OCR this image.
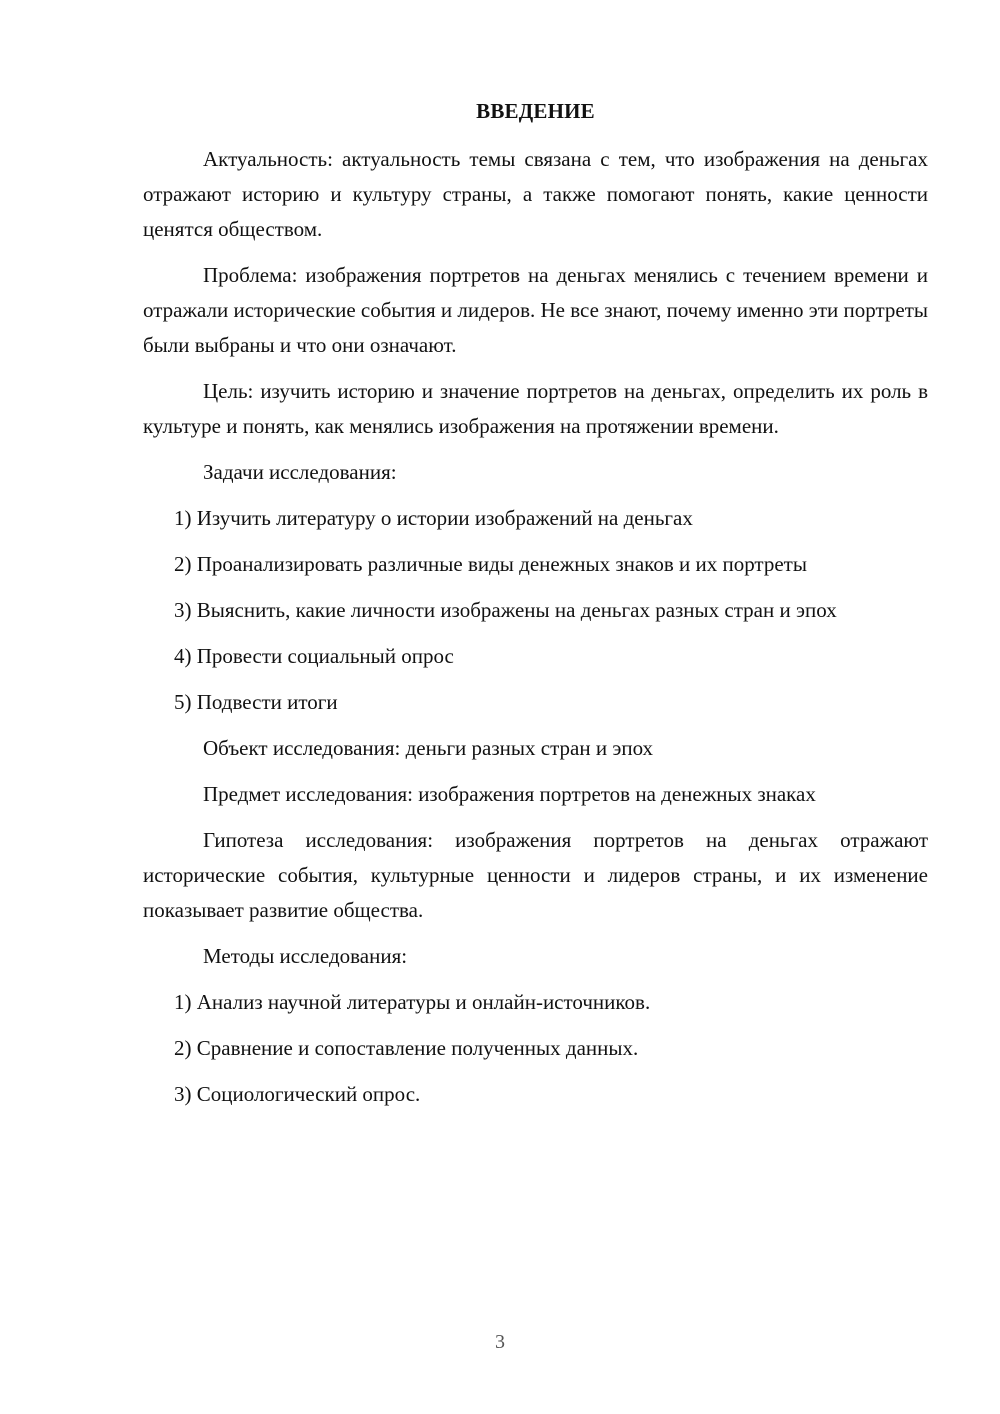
ВВЕДЕНИЕ

Актуальность: актуальность темы связана с тем, что изображения на деньгах отражают историю и культуру страны, а также помогают понять, какие ценности ценятся обществом.

Проблема: изображения портретов на деньгах менялись с течением времени и отражали исторические события и лидеров. Не все знают, почему именно эти портреты были выбраны и что они означают.

Цель: изучить историю и значение портретов на деньгах, определить их роль в культуре и понять, как менялись изображения на протяжении времени.

Задачи исследования:

1) Изучить литературу о истории изображений на деньгах

2) Проанализировать различные виды денежных знаков и их портреты

3) Выяснить, какие личности изображены на деньгах разных стран и эпох

4) Провести социальный опрос

5) Подвести итоги

Объект исследования: деньги разных стран и эпох

Предмет исследования: изображения портретов на денежных знаках

Гипотеза исследования: изображения портретов на деньгах отражают исторические события, культурные ценности и лидеров страны, и их изменение показывает развитие общества.

Методы исследования:

1) Анализ научной литературы и онлайн-источников.

2) Сравнение и сопоставление полученных данных.

3) Социологический опрос.

3
